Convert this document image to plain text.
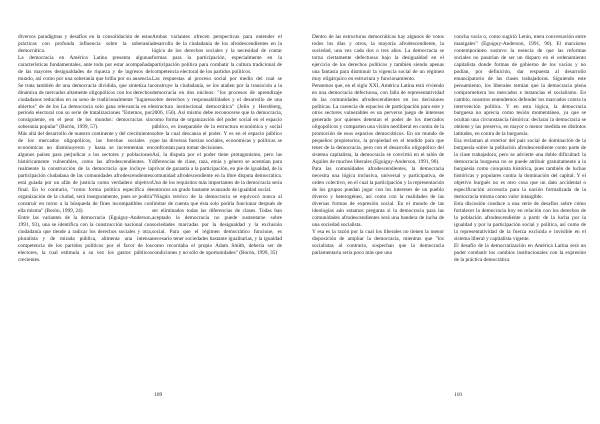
diversos paradigmas y desafíos en la consolidación de estas prácticas con profunda influencia sobre la soberanía democrática.

La democracia en América Latina presenta algunas características fundamentales, ante todo por estar acompañada de las mayores desigualdades de riqueza y de ingresos del mundo, así como por una soberanía que brilla por su ausencia. Se trata también de una democracia dividida, que sintetiza la dinámica de mercados altamente oligopólicos con los derechos ciudadanos reducidos en su seno de tradicionalmente "lugares abiertos" de de los La democracia solo gana relevancia en el período electoral con su serie de tratalizaciones "Estemos, por consiguiente, en el peor de los mundos: democracias sin soberanía popular" (Borón, 1999, 57).

Más allá del desarrollo de nuestro continente y del crecimiento de los mercados oligopólicos, las brechas sociales y económicas no disminuyeron y hasta se incrementan en algunos países para perjudicar a los sectores y poblaciones históricamente vulnerables, como las afrodescendientes. Y realmente la construcción de la democracia que incluye la participación ciudadana de las comunidades afrodescendientes está guiada por un afán de justicia como verdadero objetivo final. En lo contrario, "como forma política específica de organización de la ciudad, será inseguramente, pues se podría construir en torno a la búsqueda de fines incompatibles con ella misma" (Borón, 1999, 24).

Entre las variantes de la democracia (Eguiguy-Anderson, 1991, 93), una se identifica con la construcción nacional con ciudadanía que tiende a radicar los derechos sociales y otra, pluralista y de mirada pública, alimenta una intensa competencia de los partidos políticos por el favor de los electores, la cual estimula a su vez los gastos públicos crecientes.

Ambas variantes ofrecen perspectivas para entender el desarrollo de la ciudadanía de los afrodescendientes en la lógica de los derechos sociales y la necesidad de contar formas para la participación, especialmente en la participación política para combatir la cultura tradicional de competencia electoral de los partidos políticos.

Las respuestas al proceso social por medio del cual se construye la ciudadanía, se los atañen por la transición a la democracia en dos núcleos: "los procesos de aprendizaje sobre derechos y responsabilidades y el desarrollo de una estructura institucional democrática" (Jelin y Hershberg, 2006, 156). Así mismo debe reconocerse que la democracia, como forma de organización del poder social en el espacio público, es inseparable de la estructura económica y social sobre la cual descansa el poder. Y es en el espacio público que las diversas fuerzas sociales, económicas y políticas se confrontan para tomar decisiones.

Así, la disputa por el poder tiene protagonismo, pero las diferencias de clase, raza, etnia y género se acentúan para privar de garantía a la participación, en pie de igualdad, de la comunidad afrodescendiente en la libre disputa democrática. Uno de los requisitos más importantes de la democracia sería entonces un grado bastante avanzado de igualdad social.

"Ningún teórico de la democracia se equivocó nunca al limitar de cuenta que ésta solo podría funcionar después de ser eliminados todas las diferencias de clases. Todas ban aceptado la democracia no puede sustentarse sobre sociedades marcadas por la desigualdad y la exclusión social. Para que el régimen democrático funcione, es necesario tener sociedades bastante igualitarias, y la igualdad como recordaba el propio Adam Smith, debería ser de condiciones y no sólo de oportunidades" (Borón, 1999, 35)

109

Dentro de las estructuras democráticas hay algunos de votos todos los días y otros, la mayoría afrodescendiente, la sociedad, una vez cada dos o tres años. La democracia se torna ciertamente defectuosa bajo la desigualdad en el ejercicio de los derechos políticos y también siendo apenas una fantasía para disminuir la vigencia social de un régimen muy oligárquico en estructura y funcionamiento.

Pensemos que, en el siglo XXI, América Latina está viviendo en una democracia defectuosa, con falla de representatividad de las comunidades afrodescendientes en los decisiones políticas. La carencia de espacios de participación para este y otros sectores vulnerables es un perverso juego de intereses generado por quienes detentan el poder de los mercados oligopólicos y comparten una visión neoliberal en contra de la promoción de esos espacios democráticos. En un mundo de pequeños propietarios, la propiedad en el tendido para que tener de la democracia, pero con el desarrollo oligopólico del sistema capitalista, la democracia se convirtió en el talón de Aquiles de muchos liberales (Eguiguy-Anderson, 1991, 90).

Para las comunidades afrodescendientes, la democracia necesita una lógica inclusiva, universal y participativa, de orden colectivo, en el cual la participación y la representación de los grupos puedan jugar con los intereses de un pueblo diverso y heterogéneo, así como con la realidades de las diversas formas de expresión social. En el mundo de las ideologías aún estamos pregunta si la democracia para las comunidades afrodescendientes será una bandera de lucha de una sociedad socialista.

Y esa es la razón por la cual los liberales no tienen la menor disposición de ampliar la democracia, mientras que "los socialistas al contrario, sospechan que la democracia parlamentaria sería poco más que una

concha vacía o, como sugirió Lenin, mera conversación entre manigales" (Eguiguy-Anderson, 1991, 90). El marxismo contemporáneo sostuvo la esencia de que las reformas sociales no pasarían de ser un disparo en el ordenamiento capitalista donde formas de gobierno de los vacíos y no podían, por definición, dar respuesta al desarrollo emancipatorio de las clases trabajadoras. Siguiendo este pensamiento, los liberales temían que la democracia plena comprometiera los mercados e instancias el socialismo. En cambio, nosotros entendemos defender los marcados contra la intervención política. Y en esta lógica, la democracia burguesa no aprecia como tesión momentáneo, ya que se ocultan una circunstancia histórica: declarar la democracia se obtiene y las preserva, en mayor o menor medida en distintos latitudes, en contra de la burguesía.

Esa reclaman al exterior del país social de dominación de la burguesía sobre la población afrodescendiente como parte de la clase trabajadora, pero se advierte una doble dificultad: la democracia burguesa no se puede atribuir gratuitamente a la burguesía como conquista histórica, pues también de luchas históricas y populares contra la dominación del capital. Y el objetivo burgués no es otro cosa que un dato accidental o especificación accesoria para la nación formalizada de la democracia misma como valor intangible.

Esta discusión conduce a una serie de desafíos sobre cómo fortalecer la democracia hoy en relación con los derechos de la población afrodescendiente a partir de la lucha por la igualdad y por la participación social y política, así como de la representatividad de la fuerza excluida e invisible en el sistema liberal y capitalista vigente.

El desafío de la democratización en América Latina será un poder combatir los cambios institucionales con la expresión de la práctica democrática

110
